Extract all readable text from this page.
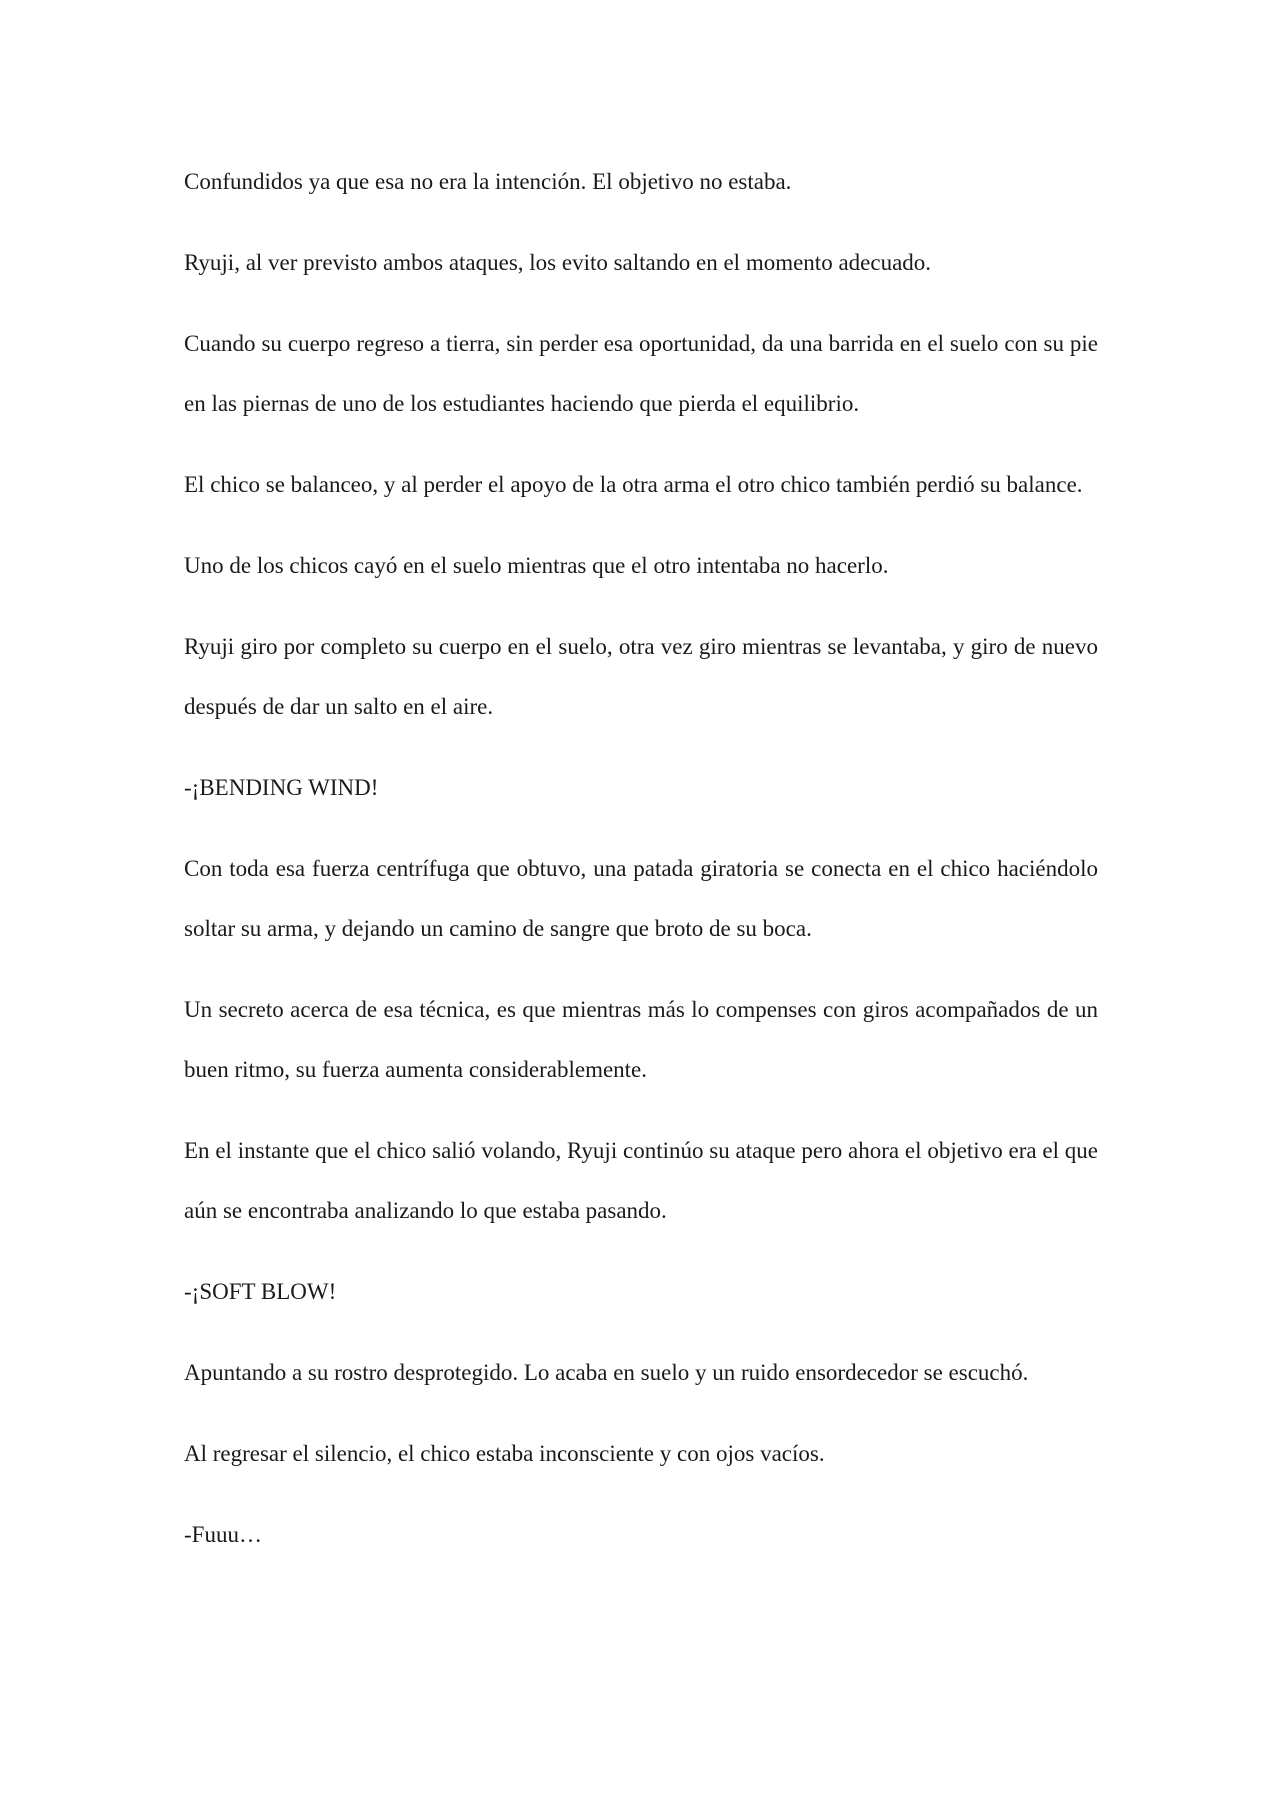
Confundidos ya que esa no era la intención. El objetivo no estaba.

Ryuji, al ver previsto ambos ataques, los evito saltando en el momento adecuado.

Cuando su cuerpo regreso a tierra, sin perder esa oportunidad, da una barrida en el suelo con su pie en las piernas de uno de los estudiantes haciendo que pierda el equilibrio.

El chico se balanceo, y al perder el apoyo de la otra arma el otro chico también perdió su balance.

Uno de los chicos cayó en el suelo mientras que el otro intentaba no hacerlo.

Ryuji giro por completo su cuerpo en el suelo, otra vez giro mientras se levantaba, y giro de nuevo después de dar un salto en el aire.

-¡BENDING WIND!

Con toda esa fuerza centrífuga que obtuvo, una patada giratoria se conecta en el chico haciéndolo soltar su arma, y dejando un camino de sangre que broto de su boca.

Un secreto acerca de esa técnica, es que mientras más lo compenses con giros acompañados de un buen ritmo, su fuerza aumenta considerablemente.

En el instante que el chico salió volando, Ryuji continúo su ataque pero ahora el objetivo era el que aún se encontraba analizando lo que estaba pasando.

-¡SOFT BLOW!

Apuntando a su rostro desprotegido. Lo acaba en suelo y un ruido ensordecedor se escuchó.

Al regresar el silencio, el chico estaba inconsciente y con ojos vacíos.

-Fuuu…
